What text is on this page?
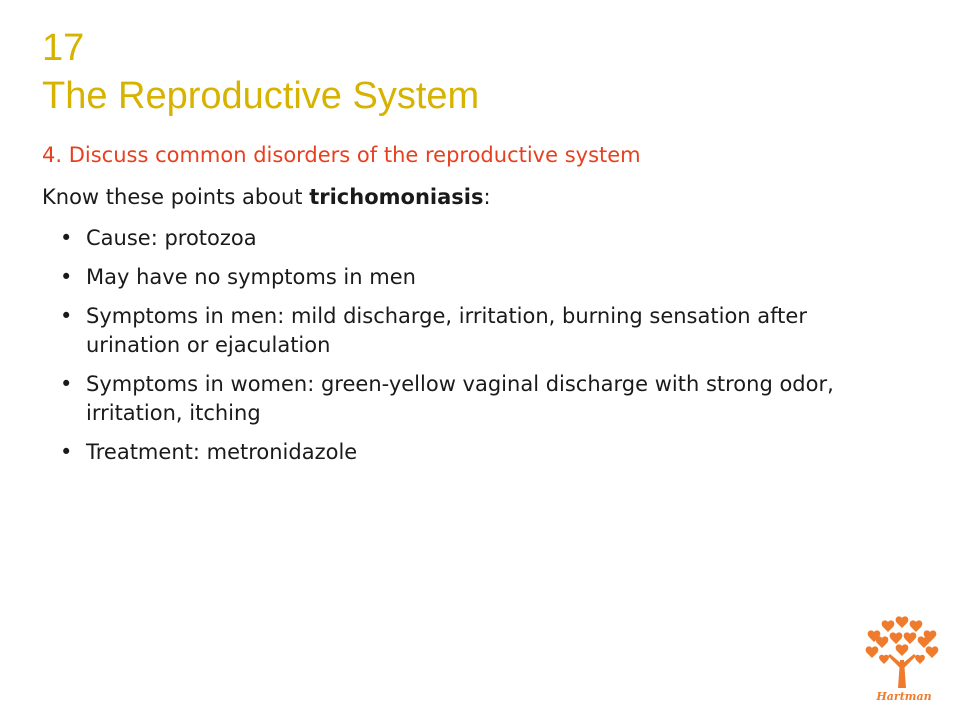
17
The Reproductive System
4. Discuss common disorders of the reproductive system
Know these points about trichomoniasis:
• Cause: protozoa
• May have no symptoms in men
• Symptoms in men: mild discharge, irritation, burning sensation after urination or ejaculation
• Symptoms in women: green-yellow vaginal discharge with strong odor, irritation, itching
• Treatment: metronidazole
Hartman
